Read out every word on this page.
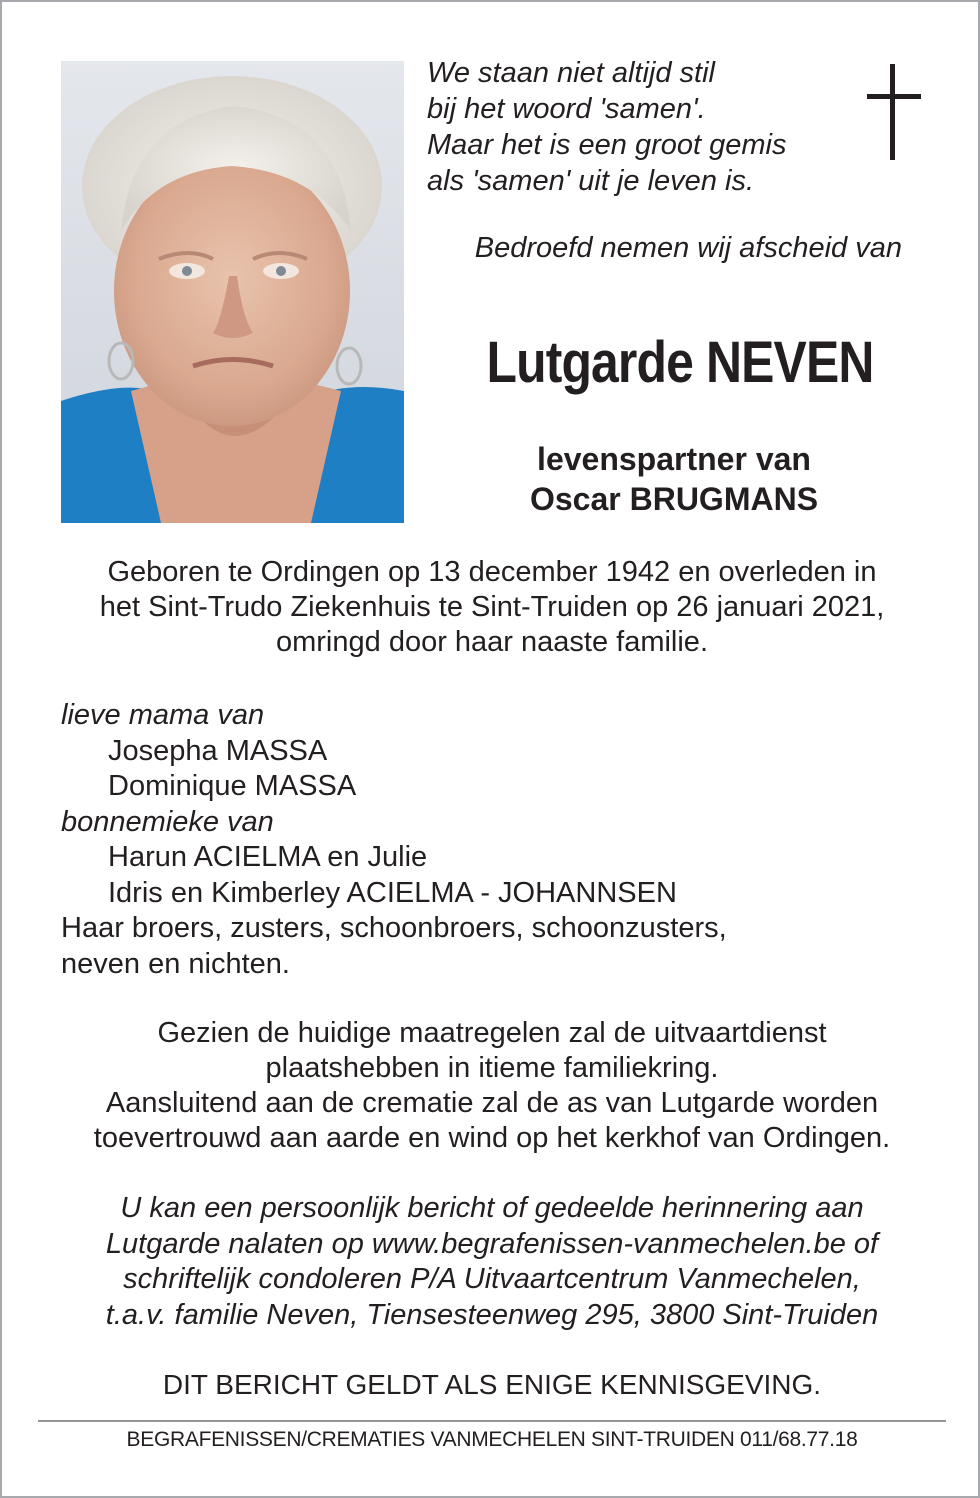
We staan niet altijd stil
bij het woord 'samen'.
Maar het is een groot gemis
als 'samen' uit je leven is.
Bedroefd nemen wij afscheid van
Lutgarde NEVEN
levenspartner van
Oscar BRUGMANS
Geboren te Ordingen op 13 december 1942 en overleden in
het Sint-Trudo Ziekenhuis te Sint-Truiden op 26 januari 2021,
omringd door haar naaste familie.
lieve mama van
Josepha MASSA
Dominique MASSA
bonnemieke van
Harun ACIELMA en Julie
Idris en Kimberley ACIELMA - JOHANNSEN
Haar broers, zusters, schoonbroers, schoonzusters,
neven en nichten.
Gezien de huidige maatregelen zal de uitvaartdienst
plaatshebben in itieme familiekring.
Aansluitend aan de crematie zal de as van Lutgarde worden
toevertrouwd aan aarde en wind op het kerkhof van Ordingen.
U kan een persoonlijk bericht of gedeelde herinnering aan
Lutgarde nalaten op www.begrafenissen-vanmechelen.be of
schriftelijk condoleren P/A Uitvaartcentrum Vanmechelen,
t.a.v. familie Neven, Tiensesteenweg 295, 3800 Sint-Truiden
DIT BERICHT GELDT ALS ENIGE KENNISGEVING.
BEGRAFENISSEN/CREMATIES VANMECHELEN SINT-TRUIDEN 011/68.77.18
